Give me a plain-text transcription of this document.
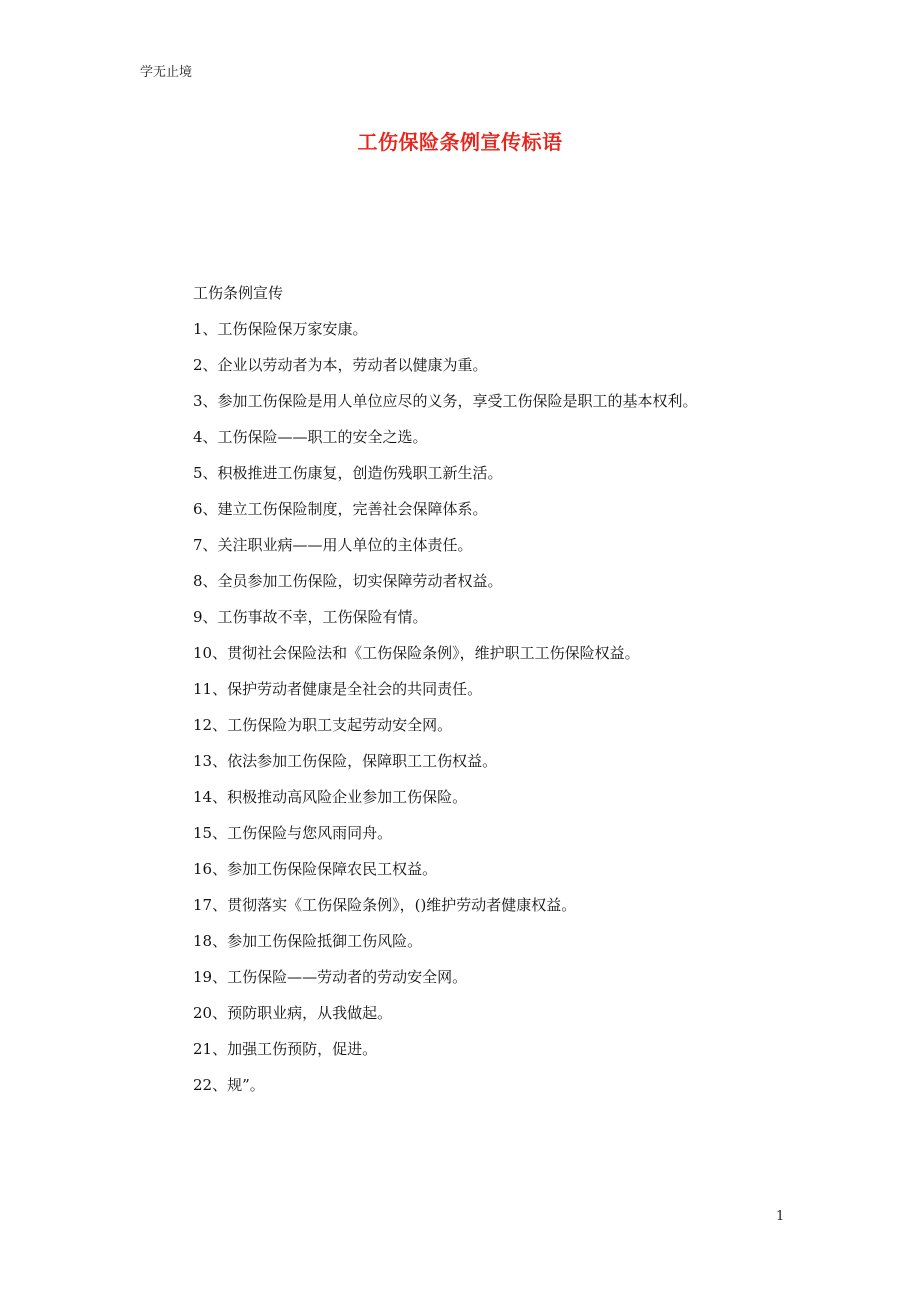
学无止境
工伤保险条例宣传标语

工伤条例宣传

1、工伤保险保万家安康。

2、企业以劳动者为本，劳动者以健康为重。

3、参加工伤保险是用人单位应尽的义务，享受工伤保险是职工的基本权利。

4、工伤保险——职工的安全之选。

5、积极推进工伤康复，创造伤残职工新生活。

6、建立工伤保险制度，完善社会保障体系。

7、关注职业病——用人单位的主体责任。

8、全员参加工伤保险，切实保障劳动者权益。

9、工伤事故不幸，工伤保险有情。

10、贯彻社会保险法和《工伤保险条例》，维护职工工伤保险权益。

11、保护劳动者健康是全社会的共同责任。

12、工伤保险为职工支起劳动安全网。

13、依法参加工伤保险，保障职工工伤权益。

14、积极推动高风险企业参加工伤保险。

15、工伤保险与您风雨同舟。

16、参加工伤保险保障农民工权益。

17、贯彻落实《工伤保险条例》，()维护劳动者健康权益。

18、参加工伤保险抵御工伤风险。

19、工伤保险——劳动者的劳动安全网。

20、预防职业病，从我做起。

21、加强工伤预防，促进。

22、规”。

1
